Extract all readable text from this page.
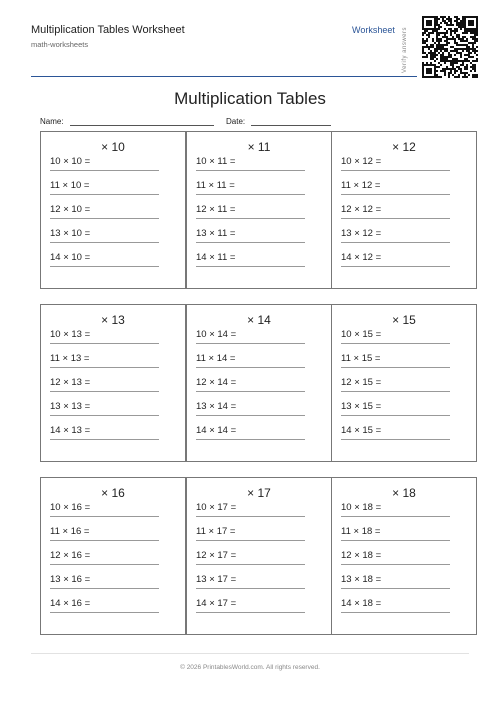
Multiplication Tables Worksheet
math-worksheets
Worksheet Verify answers
Multiplication Tables
Name:	Date:
× 10
10 × 10 =
11 × 10 =
12 × 10 =
13 × 10 =
14 × 10 =
× 11
10 × 11 =
11 × 11 =
12 × 11 =
13 × 11 =
14 × 11 =
× 12
10 × 12 =
11 × 12 =
12 × 12 =
13 × 12 =
14 × 12 =
× 13
10 × 13 =
11 × 13 =
12 × 13 =
13 × 13 =
14 × 13 =
× 14
10 × 14 =
11 × 14 =
12 × 14 =
13 × 14 =
14 × 14 =
× 15
10 × 15 =
11 × 15 =
12 × 15 =
13 × 15 =
14 × 15 =
× 16
10 × 16 =
11 × 16 =
12 × 16 =
13 × 16 =
14 × 16 =
× 17
10 × 17 =
11 × 17 =
12 × 17 =
13 × 17 =
14 × 17 =
× 18
10 × 18 =
11 × 18 =
12 × 18 =
13 × 18 =
14 × 18 =
© 2026 PrintablesWorld.com. All rights reserved.
